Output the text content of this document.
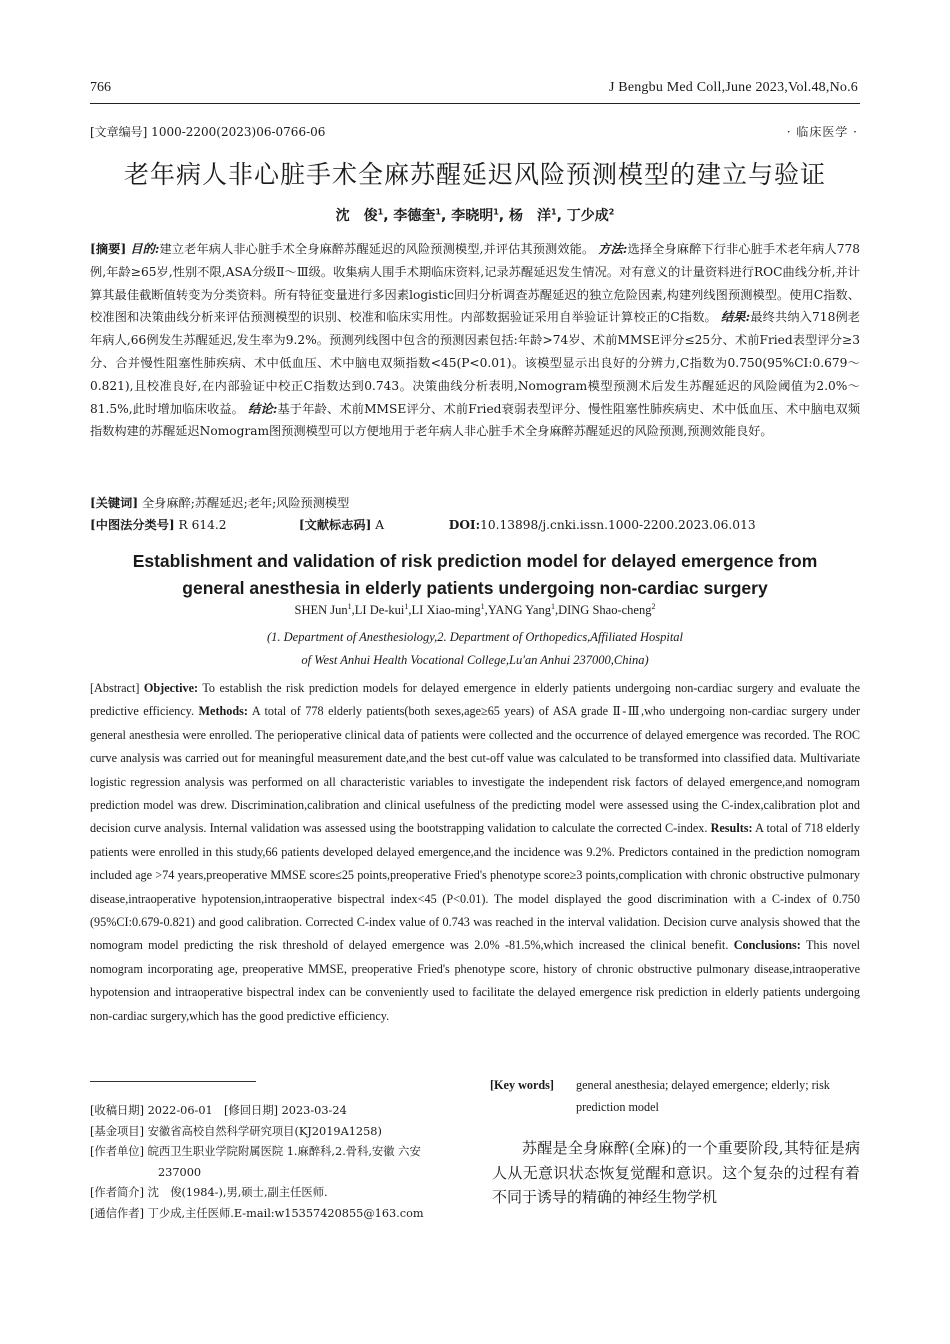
766	J Bengbu Med Coll,June 2023,Vol.48,No.6
[文章编号] 1000-2200(2023)06-0766-06	· 临床医学 ·
老年病人非心脏手术全麻苏醒延迟风险预测模型的建立与验证
沈　俊$^1$, 李德奎$^1$, 李晓明$^1$, 杨　洋$^1$, 丁少成$^2$
[摘要] 目的:建立老年病人非心脏手术全身麻醉苏醒延迟的风险预测模型,并评估其预测效能。 方法:选择全身麻醉下行非心脏手术老年病人778例,年龄≥65岁,性别不限,ASA分级Ⅱ～Ⅲ级。收集病人围手术期临床资料,记录苏醒延迟发生情况。对有意义的计量资料进行ROC曲线分析,并计算其最佳截断值转变为分类资料。所有特征变量进行多因素logistic回归分析调查苏醒延迟的独立危险因素,构建列线图预测模型。使用C指数、校准图和决策曲线分析来评估预测模型的识别、校准和临床实用性。内部数据验证采用自举验证计算校正的C指数。 结果:最终共纳入718例老年病人,66例发生苏醒延迟,发生率为9.2%。预测列线图中包含的预测因素包括:年龄>74岁、术前MMSE评分≤25分、术前Fried表型评分≥3分、合并慢性阻塞性肺疾病、术中低血压、术中脑电双频指数<45(P<0.01)。该模型显示出良好的分辨力,C指数为0.750(95%CI:0.679～0.821),且校准良好,在内部验证中校正C指数达到0.743。决策曲线分析表明,Nomogram模型预测术后发生苏醒延迟的风险阈值为2.0%～81.5%,此时增加临床收益。 结论:基于年龄、术前MMSE评分、术前Fried衰弱表型评分、慢性阻塞性肺疾病史、术中低血压、术中脑电双频指数构建的苏醒延迟Nomogram图预测模型可以方便地用于老年病人非心脏手术全身麻醉苏醒延迟的风险预测,预测效能良好。
[关键词] 全身麻醉;苏醒延迟;老年;风险预测模型
[中图法分类号] R 614.2	[文献标志码] A	DOI:10.13898/j.cnki.issn.1000-2200.2023.06.013
Establishment and validation of risk prediction model for delayed emergence from general anesthesia in elderly patients undergoing non-cardiac surgery
SHEN Jun$^1$,LI De-kui$^1$,LI Xiao-ming$^1$,YANG Yang$^1$,DING Shao-cheng$^2$
(1. Department of Anesthesiology,2. Department of Orthopedics,Affiliated Hospital
of West Anhui Health Vocational College,Lu'an Anhui 237000,China)
[Abstract] Objective: To establish the risk prediction models for delayed emergence in elderly patients undergoing non-cardiac surgery and evaluate the predictive efficiency. Methods: A total of 778 elderly patients(both sexes,age≥65 years) of ASA grade Ⅱ-Ⅲ,who undergoing non-cardiac surgery under general anesthesia were enrolled. The perioperative clinical data of patients were collected and the occurrence of delayed emergence was recorded. The ROC curve analysis was carried out for meaningful measurement date,and the best cut-off value was calculated to be transformed into classified data. Multivariate logistic regression analysis was performed on all characteristic variables to investigate the independent risk factors of delayed emergence,and nomogram prediction model was drew. Discrimination,calibration and clinical usefulness of the predicting model were assessed using the C-index,calibration plot and decision curve analysis. Internal validation was assessed using the bootstrapping validation to calculate the corrected C-index. Results: A total of 718 elderly patients were enrolled in this study,66 patients developed delayed emergence,and the incidence was 9.2%. Predictors contained in the prediction nomogram included age >74 years,preoperative MMSE score≤25 points,preoperative Fried's phenotype score≥3 points,complication with chronic obstructive pulmonary disease,intraoperative hypotension,intraoperative bispectral index<45 (P<0.01). The model displayed the good discrimination with a C-index of 0.750 (95%CI:0.679-0.821) and good calibration. Corrected C-index value of 0.743 was reached in the interval validation. Decision curve analysis showed that the nomogram model predicting the risk threshold of delayed emergence was 2.0% -81.5%,which increased the clinical benefit. Conclusions: This novel nomogram incorporating age, preoperative MMSE, preoperative Fried's phenotype score, history of chronic obstructive pulmonary disease,intraoperative hypotension and intraoperative bispectral index can be conveniently used to facilitate the delayed emergence risk prediction in elderly patients undergoing non-cardiac surgery,which has the good predictive efficiency.
[收稿日期] 2022-06-01　[修回日期] 2023-03-24
[基金项目] 安徽省高校自然科学研究项目(KJ2019A1258)
[作者单位] 皖西卫生职业学院附属医院 1.麻醉科,2.骨科,安徽 六安 237000
[作者简介] 沈　俊(1984-),男,硕士,副主任医师.
[通信作者] 丁少成,主任医师.E-mail:w15357420855@163.com
[Key words] general anesthesia; delayed emergence; elderly; risk prediction model
苏醒是全身麻醉(全麻)的一个重要阶段,其特征是病人从无意识状态恢复觉醒和意识。这个复杂的过程有着不同于诱导的精确的神经生物学机
